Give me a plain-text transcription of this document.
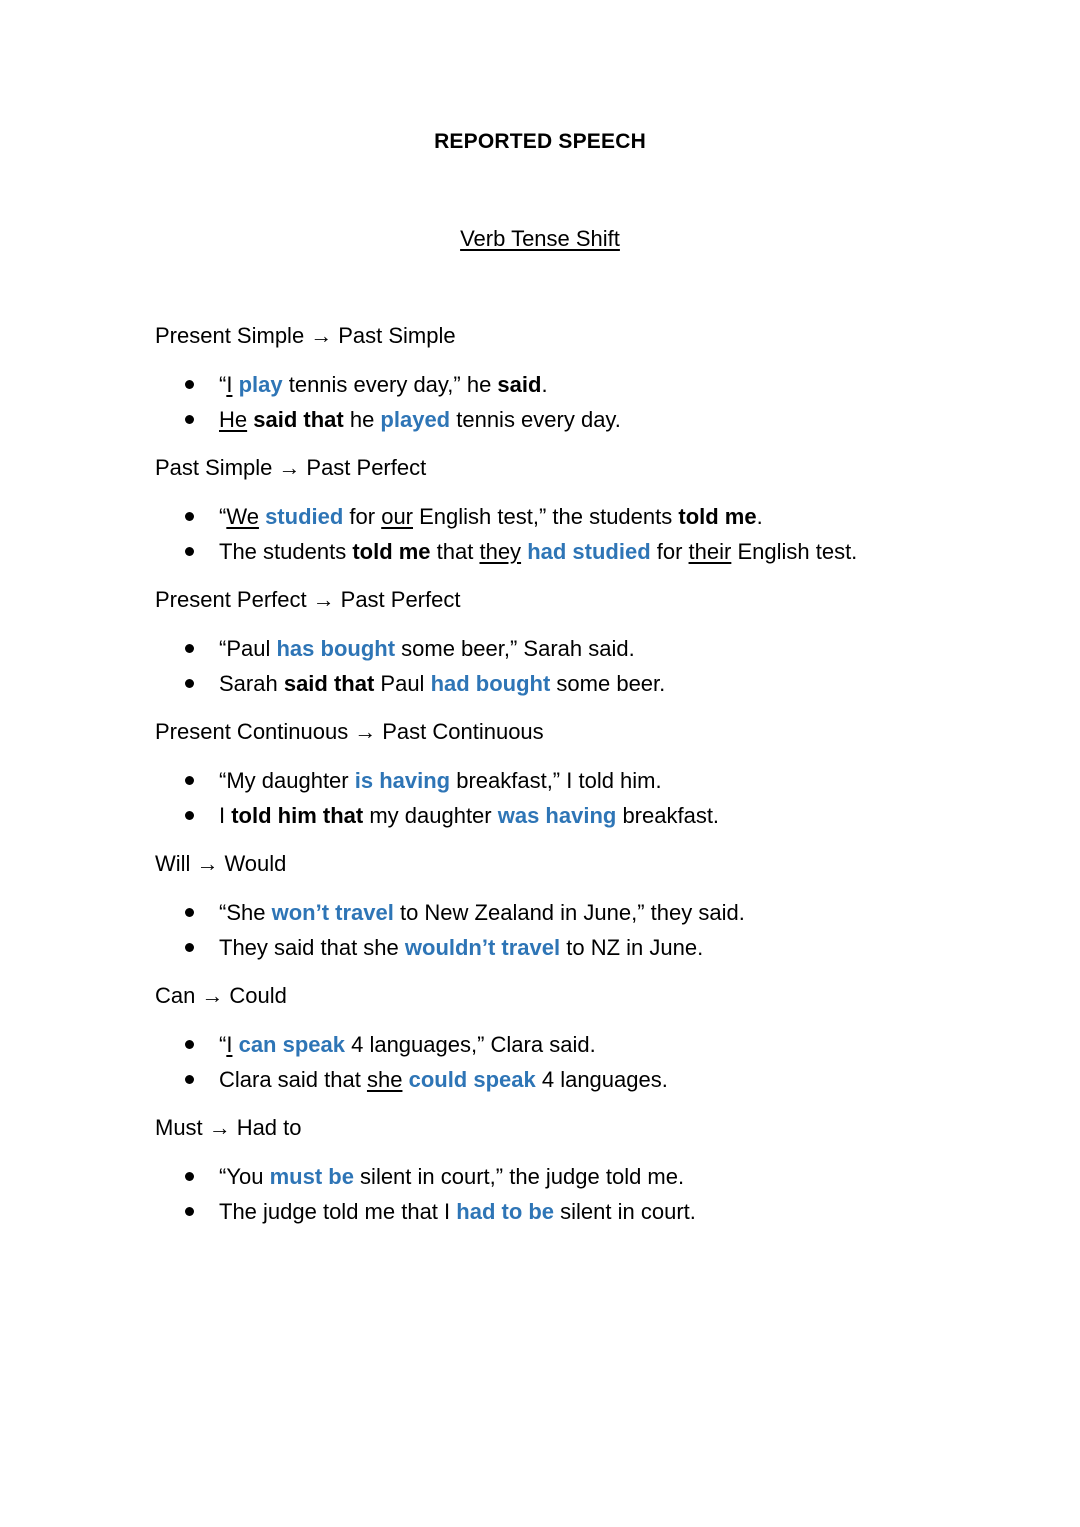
REPORTED SPEECH
Verb Tense Shift
Present Simple → Past Simple
“I play tennis every day,” he said.
He said that he played tennis every day.
Past Simple → Past Perfect
“We studied for our English test,” the students told me.
The students told me that they had studied for their English test.
Present Perfect → Past Perfect
“Paul has bought some beer,” Sarah said.
Sarah said that Paul had bought some beer.
Present Continuous → Past Continuous
“My daughter is having breakfast,” I told him.
I told him that my daughter was having breakfast.
Will → Would
“She won’t travel to New Zealand in June,” they said.
They said that she wouldn’t travel to NZ in June.
Can → Could
“I can speak 4 languages,” Clara said.
Clara said that she could speak 4 languages.
Must → Had to
“You must be silent in court,” the judge told me.
The judge told me that I had to be silent in court.
